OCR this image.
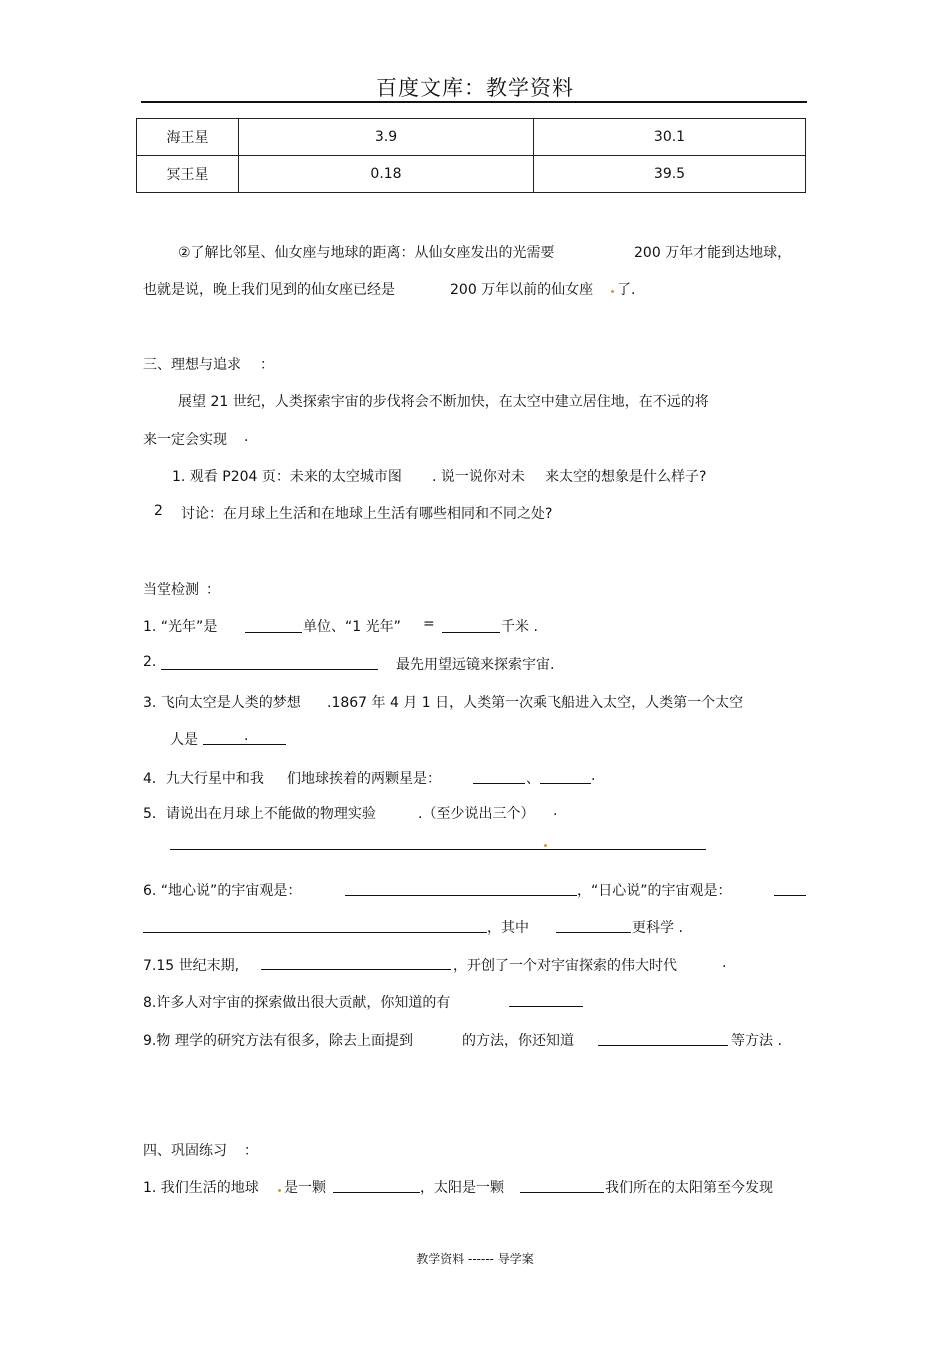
百度文库：教学资料
海王星	3.9	30.1
冥王星	0.18	39.5
②了解比邻星、仙女座与地球的距离：从仙女座发出的光需要	200 万年才能到达地球，
也就是说，晚上我们见到的仙女座已经是	200 万年以前的仙女座 了.
三、理想与追求 ：
展望 21 世纪，人类探索宇宙的步伐将会不断加快，在太空中建立居住地，在不远的将
来一定会实现 .
1. 观看 P204 页：未来的太空城市图 . 说一说你对未 来太空的想象是什么样子?
2 讨论：在月球上生活和在地球上生活有哪些相同和不同之处?
当堂检测 ：
1. “光年”是	单位、“1 光年” =	千米 .
2.	最先用望远镜来探索宇宙.
3. 飞向太空是人类的梦想 .1867 年 4 月 1 日，人类第一次乘飞船进入太空，人类第一个太空
人是	.
4．九大行星中和我 们地球挨着的两颗星是：	、	.
5．请说出在月球上不能做的物理实验	.（至少说出三个） .
6. “地心说”的宇宙观是：	，“日心说”的宇宙观是：
，其中	更科学 .
7.15 世纪末期,	，开创了一个对宇宙探索的伟大时代	.
8.许多人对宇宙的探索做出很大贡献，你知道的有
9.物 理学的研究方法有很多，除去上面提到	的方法，你还知道	等方法 .
四、巩固练习 ：
1. 我们生活的地球 是一颗	，太阳是一颗	我们所在的太阳第至今发现
教学资料 ------ 导学案
